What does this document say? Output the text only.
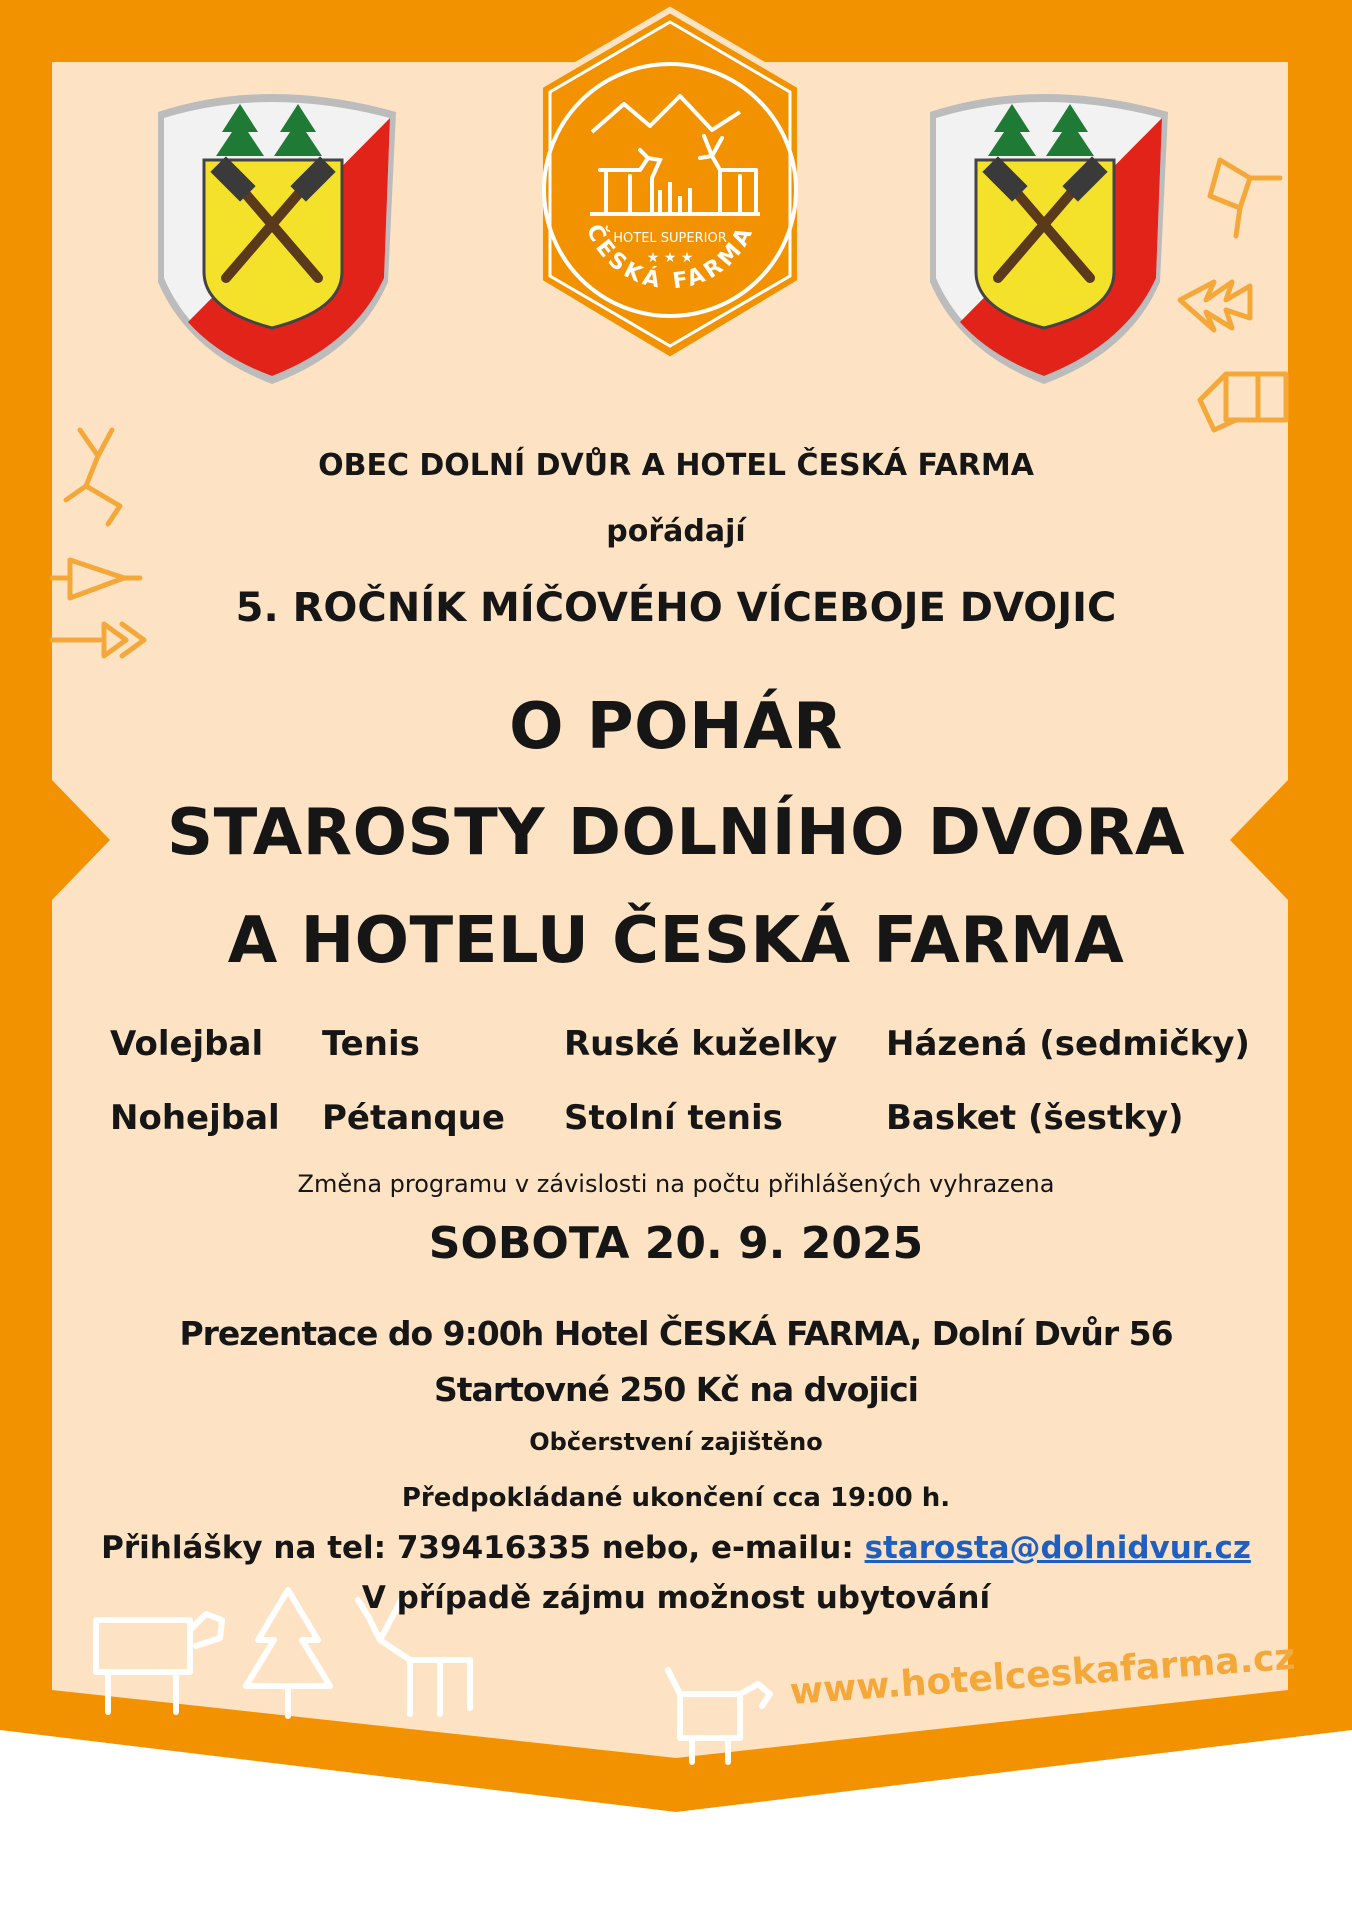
HOTEL SUPERIOR
★ ★ ★
ČESKÁ FARMA
OBEC DOLNÍ DVŮR A HOTEL ČESKÁ FARMA
pořádají
5. ROČNÍK MÍČOVÉHO VÍCEBOJE DVOJIC
O POHÁR
STAROSTY DOLNÍHO DVORA
A HOTELU ČESKÁ FARMA
Volejbal Tenis	Ruské kuželky Házená (sedmičky)
Nohejbal Pétanque Stolní tenis	Basket (šestky)
Změna programu v závislosti na počtu přihlášených vyhrazena
SOBOTA 20. 9. 2025
Prezentace do 9:00h Hotel ČESKÁ FARMA, Dolní Dvůr 56
Startovné 250 Kč na dvojici
Občerstvení zajištěno
Předpokládané ukončení cca 19:00 h.
Přihlášky na tel: 739416335 nebo, e-mailu: starosta@dolnidvur.cz
V případě zájmu možnost ubytování
www.hotelceskafarma.cz
